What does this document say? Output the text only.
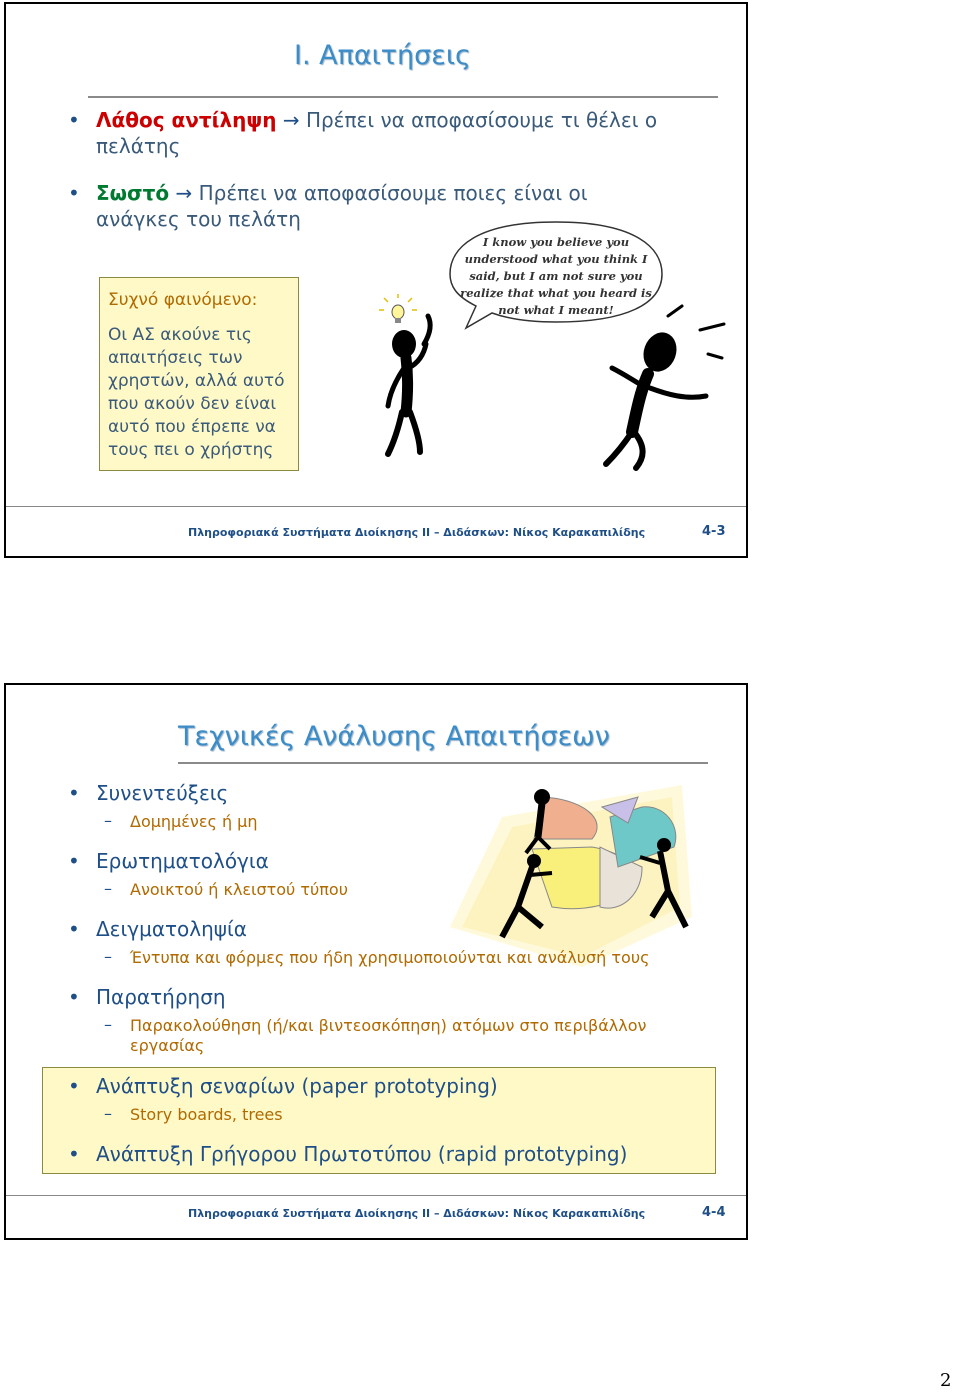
Ι. Απαιτήσεις
• Λάθος αντίληψη → Πρέπει να αποφασίσουμε τι θέλει ο πελάτης
• Σωστό → Πρέπει να αποφασίσουμε ποιες είναι οι ανάγκες του πελάτη
Συχνό φαινόμενο:
Οι ΑΣ ακούνε τις απαιτήσεις των χρηστών, αλλά αυτό που ακούν δεν είναι αυτό που έπρεπε να τους πει ο χρήστης
I know you believe you understood what you think I said, but I am not sure you realize that what you heard is not what I meant!
Πληροφοριακά Συστήματα Διοίκησης ΙΙ – Διδάσκων: Νίκος Καρακαπιλίδης	4-3
Τεχνικές Ανάλυσης Απαιτήσεων
• Συνεντεύξεις
– Δομημένες ή μη
• Ερωτηματολόγια
– Ανοικτού ή κλειστού τύπου
• Δειγματοληψία
– Έντυπα και φόρμες που ήδη χρησιμοποιούνται και ανάλυσή τους
• Παρατήρηση
– Παρακολούθηση (ή/και βιντεοσκόπηση) ατόμων στο περιβάλλον εργασίας
• Ανάπτυξη σεναρίων (paper prototyping)
– Story boards, trees
• Ανάπτυξη Γρήγορου Πρωτοτύπου (rapid prototyping)
Πληροφοριακά Συστήματα Διοίκησης ΙΙ – Διδάσκων: Νίκος Καρακαπιλίδης	4-4
2
